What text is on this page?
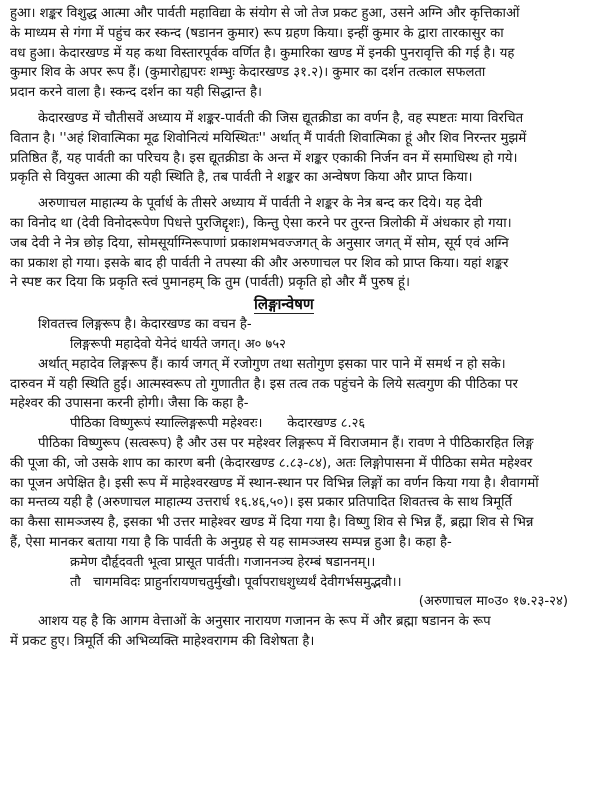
हुआ। शङ्कर विशुद्ध आत्मा और पार्वती महाविद्या के संयोग से जो तेज प्रकट हुआ, उसने अग्नि और कृत्तिकाओं
के माध्यम से गंगा में पहुंच कर स्कन्द (षडानन कुमार) रूप ग्रहण किया। इन्हीं कुमार के द्वारा तारकासुर का
वध हुआ। केदारखण्ड में यह कथा विस्तारपूर्वक वर्णित है। कुमारिका खण्ड में इनकी पुनरावृत्ति की गई है। यह
कुमार शिव के अपर रूप हैं। (कुमारोह्यपरः शम्भुः केदारखण्ड ३१.२)। कुमार का दर्शन तत्काल सफलता
प्रदान करने वाला है। स्कन्द दर्शन का यही सिद्धान्त है।
केदारखण्ड में चौतीसवें अध्याय में शङ्कर-पार्वती की जिस द्यूतक्रीडा का वर्णन है, वह स्पष्टतः माया विरचित
वितान है। ''अहं शिवात्मिका मूढ शिवोनित्यं मयिस्थितः'' अर्थात् मैं पार्वती शिवात्मिका हूं और शिव निरन्तर मुझमें
प्रतिष्ठित हैं, यह पार्वती का परिचय है। इस द्यूतक्रीडा के अन्त में शङ्कर एकाकी निर्जन वन में समाधिस्थ हो गये।
प्रकृति से वियुक्त आत्मा की यही स्थिति है, तब पार्वती ने शङ्कर का अन्वेषण किया और प्राप्त किया।
अरुणाचल माहात्म्य के पूर्वार्ध के तीसरे अध्याय में पार्वती ने शङ्कर के नेत्र बन्द कर दिये। यह देवी
का विनोद था (देवी विनोदरूपेण पिधत्ते पुरजिद्दृशः), किन्तु ऐसा करने पर तुरन्त त्रिलोकी में अंधकार हो गया।
जब देवी ने नेत्र छोड़ दिया, सोमसूर्याग्निरूपाणां प्रकाशमभवज्जगत् के अनुसार जगत् में सोम, सूर्य एवं अग्नि
का प्रकाश हो गया। इसके बाद ही पार्वती ने तपस्या की और अरुणाचल पर शिव को प्राप्त किया। यहां शङ्कर
ने स्पष्ट कर दिया कि प्रकृति स्त्वं पुमानहम् कि तुम (पार्वती) प्रकृति हो और मैं पुरुष हूं।
लिङ्गान्वेषण
शिवतत्त्व लिङ्गरूप है। केदारखण्ड का वचन है-
लिङ्गरूपी महादेवो येनेदं धार्यते जगत्। अ० ७५२
अर्थात् महादेव लिङ्गरूप हैं। कार्य जगत् में रजोगुण तथा सतोगुण इसका पार पाने में समर्थ न हो सके।
दारुवन में यही स्थिति हुई। आत्मस्वरूप तो गुणातीत है। इस तत्व तक पहुंचने के लिये सत्वगुण की पीठिका पर
महेश्वर की उपासना करनी होगी। जैसा कि कहा है-
पीठिका विष्णुरूपं स्याल्लिङ्गरूपी महेश्वरः।      केदारखण्ड ८.२६
पीठिका विष्णुरूप (सत्वरूप) है और उस पर महेश्वर लिङ्गरूप में विराजमान हैं। रावण ने पीठिकारहित लिङ्ग
की पूजा की, जो उसके शाप का कारण बनी (केदारखण्ड ८.८३-८४), अतः लिङ्गोपासना में पीठिका समेत महेश्वर
का पूजन अपेक्षित है। इसी रूप में माहेश्वरखण्ड में स्थान-स्थान पर विभिन्न लिङ्गों का वर्णन किया गया है। शैवागमों
का मन्तव्य यही है (अरुणाचल माहात्म्य उत्तरार्ध १६.४६,५०)। इस प्रकार प्रतिपादित शिवतत्त्व के साथ त्रिमूर्ति
का कैसा सामञ्जस्य है, इसका भी उत्तर माहेश्वर खण्ड में दिया गया है। विष्णु शिव से भिन्न हैं, ब्रह्मा शिव से भिन्न
हैं, ऐसा मानकर बताया गया है कि पार्वती के अनुग्रह से यह सामञ्जस्य सम्पन्न हुआ है। कहा है-
क्रमेण दौर्हृदवती भूत्वा प्रासूत पार्वती। गजाननञ्च हेरम्बं षडाननम्।।
तौ   चागमविदः प्राहुर्नारायणचतुर्मुखौ। पूर्वापराधशुध्यर्थं देवीगर्भसमुद्भवौ।।
(अरुणाचल मा०उ० १७.२३-२४)
आशय यह है कि आगम वेत्ताओं के अनुसार नारायण गजानन के रूप में और ब्रह्मा षडानन के रूप
में प्रकट हुए। त्रिमूर्ति की अभिव्यक्ति माहेश्वरागम की विशेषता है।
